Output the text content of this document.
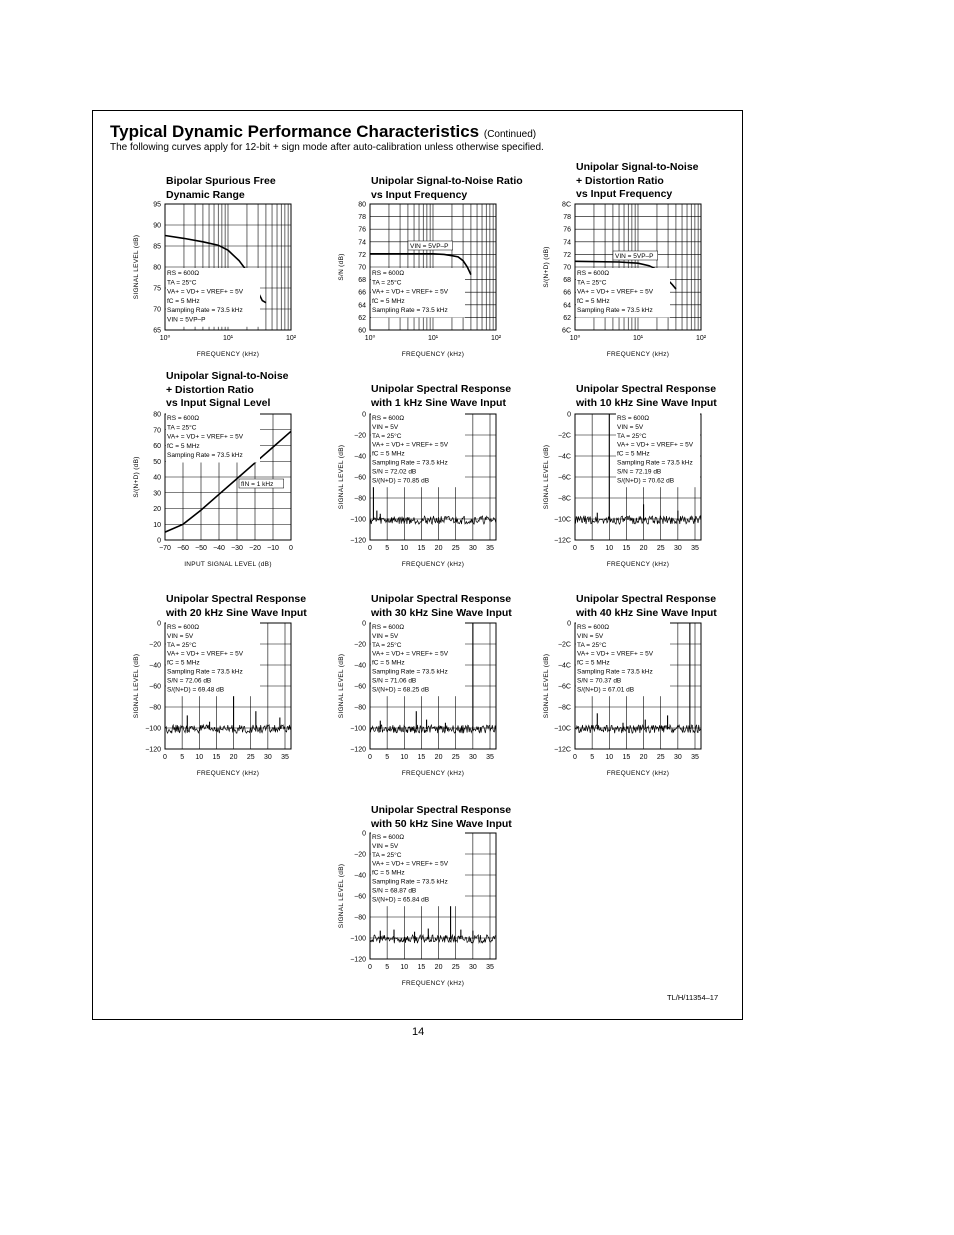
Typical Dynamic Performance Characteristics (Continued)
The following curves apply for 12-bit + sign mode after auto-calibration unless otherwise specified.
Bipolar Spurious Free
Dynamic Range
Unipolar Signal-to-Noise Ratio
vs Input Frequency
Unipolar Signal-to-Noise
+ Distortion Ratio
vs Input Frequency
Unipolar Signal-to-Noise
+ Distortion Ratio
vs Input Signal Level
Unipolar Spectral Response
with 1 kHz Sine Wave Input
Unipolar Spectral Response
with 10 kHz Sine Wave Input
Unipolar Spectral Response
with 20 kHz Sine Wave Input
Unipolar Spectral Response
with 30 kHz Sine Wave Input
Unipolar Spectral Response
with 40 kHz Sine Wave Input
Unipolar Spectral Response
with 50 kHz Sine Wave Input
65
70
75
80
85
90
95
10⁰	10¹	10²
FREQUENCY (kHz)
SIGNAL LEVEL (dB)	RS = 600Ω
TA = 25°C
VA+ = VD+ = VREF+ = 5V
fC = 5 MHz
Sampling Rate = 73.5 kHz
VIN = 5VP–P
60
62
64
66
68
70
72
74
76
78
80
10⁰	10¹	10²
FREQUENCY (kHz)
S/N (dB)
VIN = 5VP–P
RS = 600Ω
TA = 25°C
VA+ = VD+ = VREF+ = 5V
fC = 5 MHz
Sampling Rate = 73.5 kHz
6C
62
64
66
68
70
72
74
76
78
8C
10⁰	10¹	10²
FREQUENCY (kHz)
S/(N+D) (dB)	VIN = 5VP–P
RS = 600Ω
TA = 25°C
VA+ = VD+ = VREF+ = 5V
fC = 5 MHz
Sampling Rate = 73.5 kHz
0
10
20
30
40
50
60
70
80
−70 −60 −50 −40 −30 −20 −10 0
INPUT SIGNAL LEVEL (dB)
S/(N+D) (dB)	fIN = 1 kHz
RS = 600Ω
TA = 25°C
VA+ = VD+ = VREF+ = 5V
fC = 5 MHz
Sampling Rate = 73.5 kHz
−120
−100
−80
−60
−40
−20
0
0 5 10 15 20 25 30 35
FREQUENCY (kHz)
SIGNAL LEVEL (dB)
RS = 600Ω
VIN = 5V
TA = 25°C
VA+ = VD+ = VREF+ = 5V
fC = 5 MHz
Sampling Rate = 73.5 kHz
S/N = 72.02 dB
S/(N+D) = 70.85 dB
−12C
−10C
−8C
−6C
−4C
−2C
0
0 5 10 15 20 25 30 35
FREQUENCY (kHz)
SIGNAL LEVEL (dB)
RS = 600Ω
VIN = 5V
TA = 25°C
VA+ = VD+ = VREF+ = 5V
fC = 5 MHz
Sampling Rate = 73.5 kHz
S/N = 72.19 dB
S/(N+D) = 70.62 dB
−120
−100
−80
−60
−40
−20
0
0 5 10 15 20 25 30 35
FREQUENCY (kHz)
SIGNAL LEVEL (dB)
RS = 600Ω
VIN = 5V
TA = 25°C
VA+ = VD+ = VREF+ = 5V
fC = 5 MHz
Sampling Rate = 73.5 kHz
S/N = 72.06 dB
S/(N+D) = 69.48 dB
−120
−100
−80
−60
−40
−20
0
0 5 10 15 20 25 30 35
FREQUENCY (kHz)
SIGNAL LEVEL (dB)
RS = 600Ω
VIN = 5V
TA = 25°C
VA+ = VD+ = VREF+ = 5V
fC = 5 MHz
Sampling Rate = 73.5 kHz
S/N = 71.06 dB
S/(N+D) = 68.25 dB
−12C
−10C
−8C
−6C
−4C
−2C
0
0 5 10 15 20 25 30 35
FREQUENCY (kHz)
SIGNAL LEVEL (dB)
RS = 600Ω
VIN = 5V
TA = 25°C
VA+ = VD+ = VREF+ = 5V
fC = 5 MHz
Sampling Rate = 73.5 kHz
S/N = 70.37 dB
S/(N+D) = 67.01 dB
−120
−100
−80
−60
−40
−20
0
0 5 10 15 20 25 30 35
FREQUENCY (kHz)
SIGNAL LEVEL (dB)
RS = 600Ω
VIN = 5V
TA = 25°C
VA+ = VD+ = VREF+ = 5V
fC = 5 MHz
Sampling Rate = 73.5 kHz
S/N = 68.87 dB
S/(N+D) = 65.84 dB
TL/H/11354–17
14
